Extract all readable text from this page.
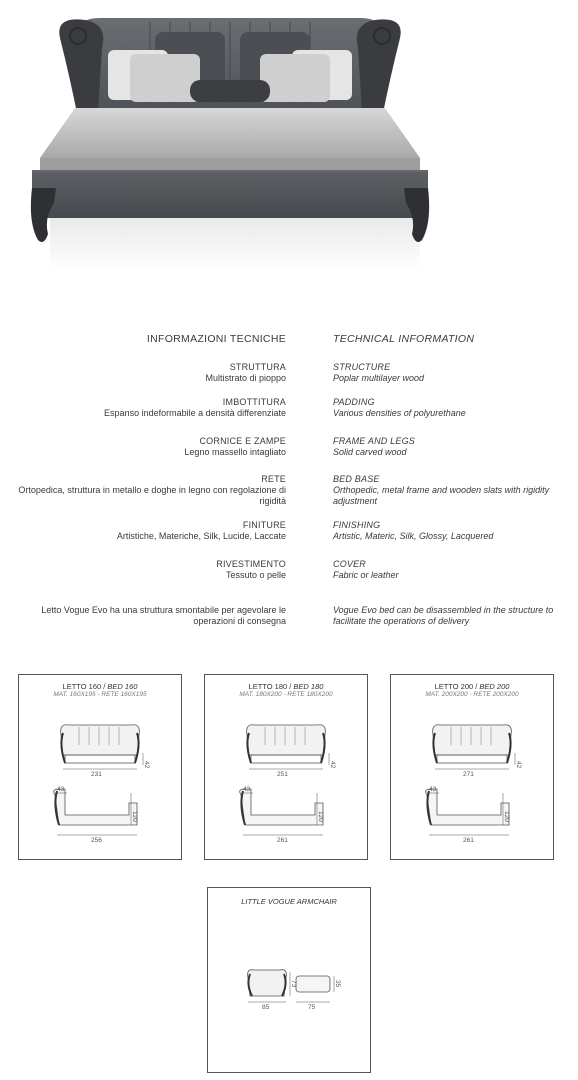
INFORMAZIONI TECNICHE	TECHNICAL INFORMATION
STRUTTURA
Multistrato di pioppo
STRUCTURE
Poplar multilayer wood
IMBOTTITURA
Espanso indeformabile a densità differenziate
PADDING
Various densities of polyurethane
CORNICE E ZAMPE
Legno massello intagliato
FRAME AND LEGS
Solid carved wood
RETE
Ortopedica, struttura in metallo e doghe in legno con regolazione di rigidità
BED BASE
Orthopedic, metal frame and wooden slats with rigidity adjustment
FINITURE
Artistiche, Materiche, Silk, Lucide, Laccate
FINISHING
Artistic, Materic, Silk, Glossy, Lacquered
RIVESTIMENTO
Tessuto o pelle
COVER
Fabric or leather
Letto Vogue Evo ha una struttura smontabile per agevolare le operazioni di consegna
Vogue Evo bed can be disassembled in the structure to facilitate the operations of delivery
LETTO 160 / BED 160
MAT. 160X195 - RETE 160X195
231
42
43
120
256
LETTO 180 / BED 180
MAT. 180X200 - RETE 180X200
251
42
43
120
261
LETTO 200 / BED 200
MAT. 200X200 - RETE 200X200
271
42
43
120
261
LITTLE VOGUE ARMCHAIR
85
73
75
35
